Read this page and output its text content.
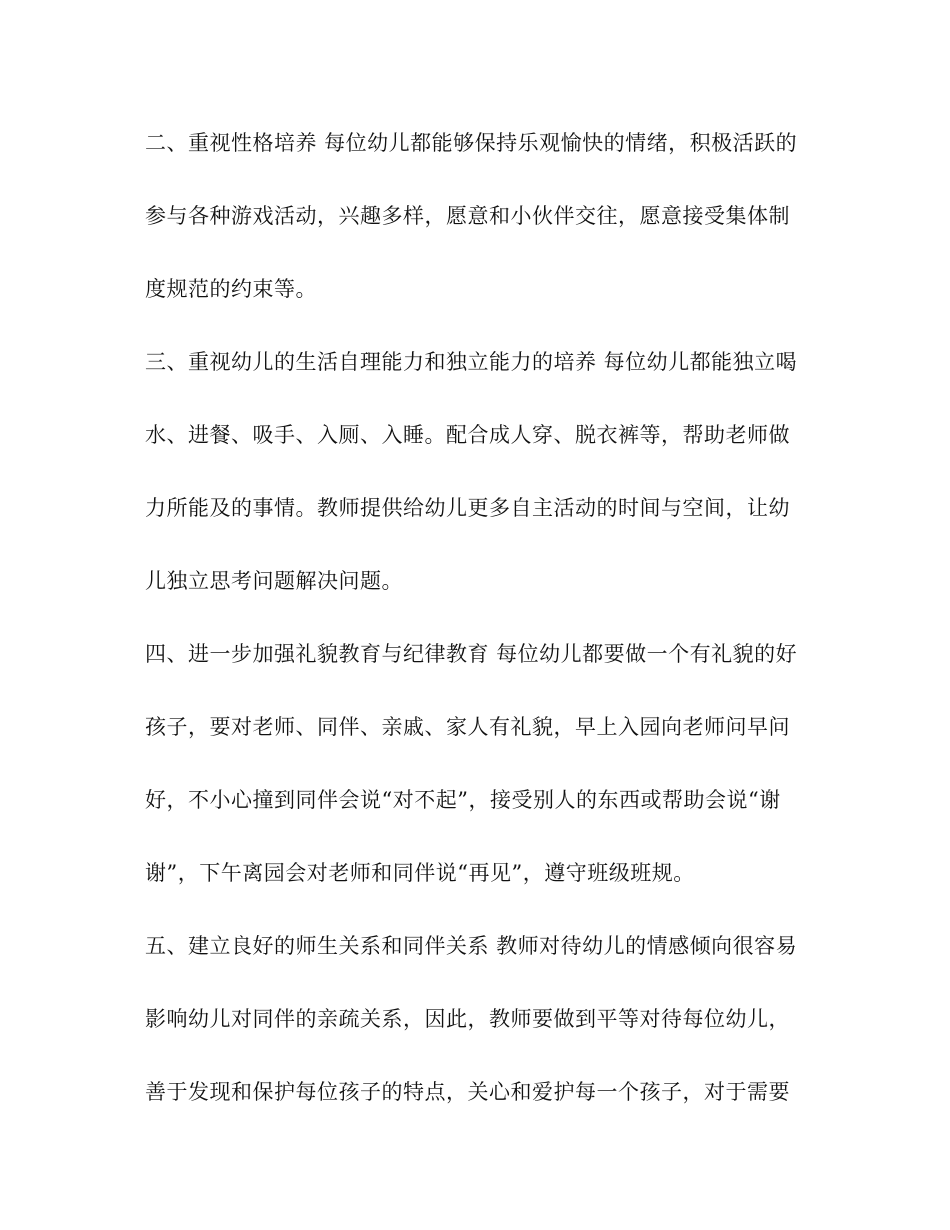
二、重视性格培养 每位幼儿都能够保持乐观愉快的情绪，积极活跃的
参与各种游戏活动，兴趣多样，愿意和小伙伴交往，愿意接受集体制
度规范的约束等。
三、重视幼儿的生活自理能力和独立能力的培养 每位幼儿都能独立喝
水、进餐、吸手、入厕、入睡。配合成人穿、脱衣裤等，帮助老师做
力所能及的事情。教师提供给幼儿更多自主活动的时间与空间，让幼
儿独立思考问题解决问题。
四、进一步加强礼貌教育与纪律教育 每位幼儿都要做一个有礼貌的好
孩子，要对老师、同伴、亲戚、家人有礼貌，早上入园向老师问早问
好，不小心撞到同伴会说“对不起”，接受别人的东西或帮助会说“谢
谢”，下午离园会对老师和同伴说“再见”，遵守班级班规。
五、建立良好的师生关系和同伴关系 教师对待幼儿的情感倾向很容易
影响幼儿对同伴的亲疏关系，因此，教师要做到平等对待每位幼儿，
善于发现和保护每位孩子的特点，关心和爱护每一个孩子，对于需要
